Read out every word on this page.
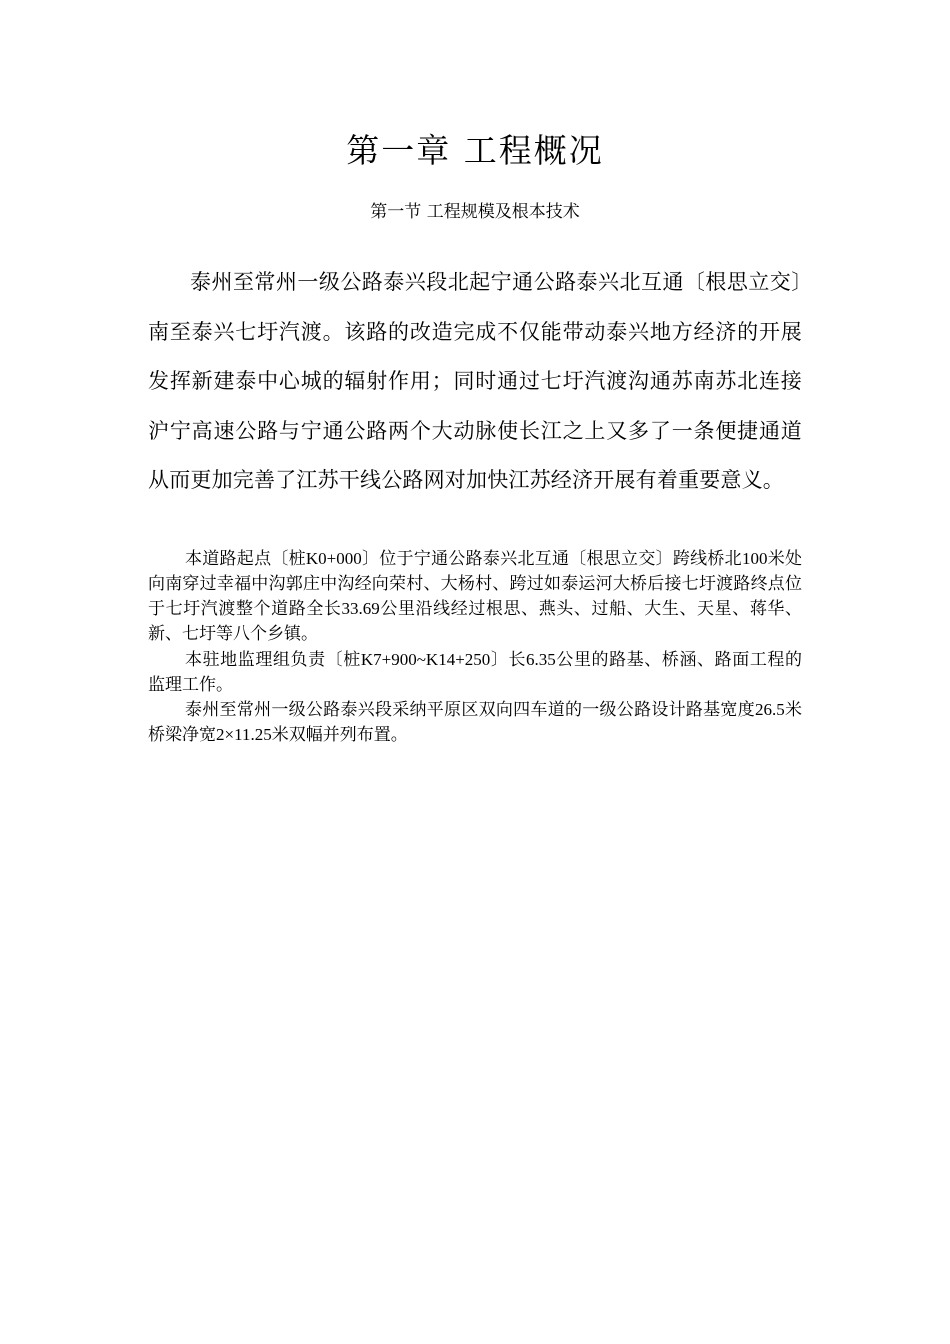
第一章 工程概况
第一节 工程规模及根本技术

泰州至常州一级公路泰兴段北起宁通公路泰兴北互通〔根思立交〕南至泰兴七圩汽渡。该路的改造完成不仅能带动泰兴地方经济的开展发挥新建泰中心城的辐射作用；同时通过七圩汽渡沟通苏南苏北连接沪宁高速公路与宁通公路两个大动脉使长江之上又多了一条便捷通道从而更加完善了江苏干线公路网对加快江苏经济开展有着重要意义。

本道路起点〔桩K0+000〕位于宁通公路泰兴北互通〔根思立交〕跨线桥北100米处向南穿过幸福中沟郭庄中沟经向荣村、大杨村、跨过如泰运河大桥后接七圩渡路终点位于七圩汽渡整个道路全长33.69公里沿线经过根思、燕头、过船、大生、天星、蒋华、新、七圩等八个乡镇。

本驻地监理组负责〔桩K7+900~K14+250〕长6.35公里的路基、桥涵、路面工程的监理工作。

泰州至常州一级公路泰兴段采纳平原区双向四车道的一级公路设计路基宽度26.5米桥梁净宽2×11.25米双幅并列布置。
